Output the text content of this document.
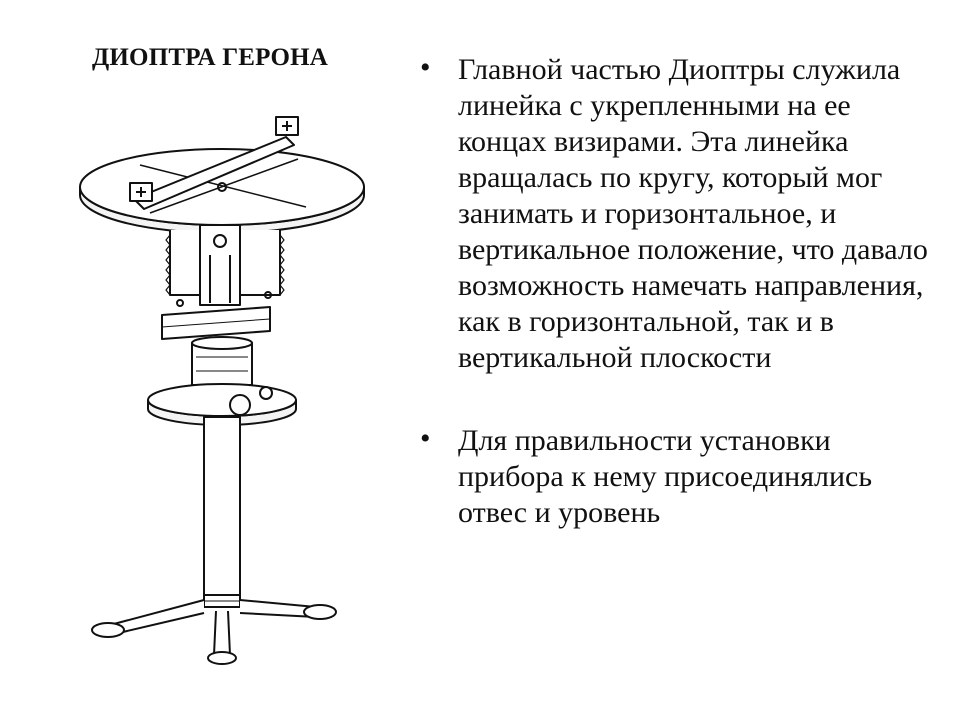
ДИОПТРА ГЕРОНА	• Главной частью Диоптры служила линейка с укрепленными на ее концах визирами. Эта линейка вращалась по кругу, который мог занимать и горизонтальное, и вертикальное положение, что давало возможность намечать направления, как в горизонтальной, так и в вертикальной плоскости
• Для правильности установки прибора к нему присоединялись отвес и уровень
